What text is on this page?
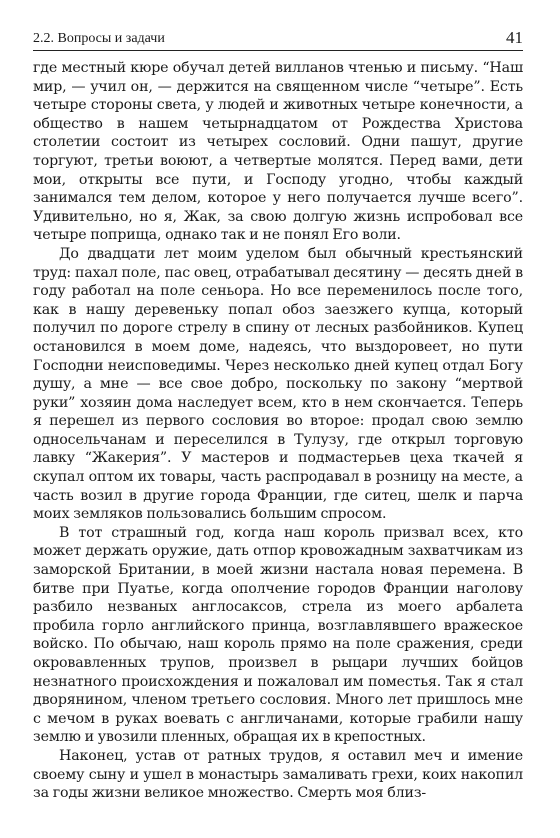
2.2. Вопросы и задачи	41

где местный кюре обучал детей вилланов чтенью и письму. “Наш мир, — учил он, — держится на священном числе “четыре”. Есть четыре стороны света, у людей и животных четыре конечности, а общество в нашем четырнадцатом от Рождества Христова столетии состоит из четырех сословий. Одни пашут, другие торгуют, третьи воюют, а четвертые молятся. Перед вами, дети мои, открыты все пути, и Господу угодно, чтобы каждый занимался тем делом, которое у него получается лучше всего”. Удивительно, но я, Жак, за свою долгую жизнь испробовал все четыре поприща, однако так и не понял Его воли.

До двадцати лет моим уделом был обычный крестьянский труд: пахал поле, пас овец, отрабатывал десятину — десять дней в году работал на поле сеньора. Но все переменилось после того, как в нашу деревеньку попал обоз заезжего купца, который получил по дороге стрелу в спину от лесных разбойников. Купец остановился в моем доме, надеясь, что выздоровеет, но пути Господни неисповедимы. Через несколько дней купец отдал Богу душу, а мне — все свое добро, поскольку по закону “мертвой руки” хозяин дома наследует всем, кто в нем скончается. Теперь я перешел из первого сословия во второе: продал свою землю односельчанам и переселился в Тулузу, где открыл торговую лавку “Жакерия”. У мастеров и подмастерьев цеха ткачей я скупал оптом их товары, часть распродавал в розницу на месте, а часть возил в другие города Франции, где ситец, шелк и парча моих земляков пользовались большим спросом.

В тот страшный год, когда наш король призвал всех, кто может держать оружие, дать отпор кровожадным захватчикам из заморской Британии, в моей жизни настала новая перемена. В битве при Пуатье, когда ополчение городов Франции наголову разбило незваных англосаксов, стрела из моего арбалета пробила горло английского принца, возглавлявшего вражеское войско. По обычаю, наш король прямо на поле сражения, среди окровавленных трупов, произвел в рыцари лучших бойцов незнатного происхождения и пожаловал им поместья. Так я стал дворянином, членом третьего сословия. Много лет пришлось мне с мечом в руках воевать с англичанами, которые грабили нашу землю и увозили пленных, обращая их в крепостных.

Наконец, устав от ратных трудов, я оставил меч и имение своему сыну и ушел в монастырь замаливать грехи, коих накопил за годы жизни великое множество. Смерть моя близ-
